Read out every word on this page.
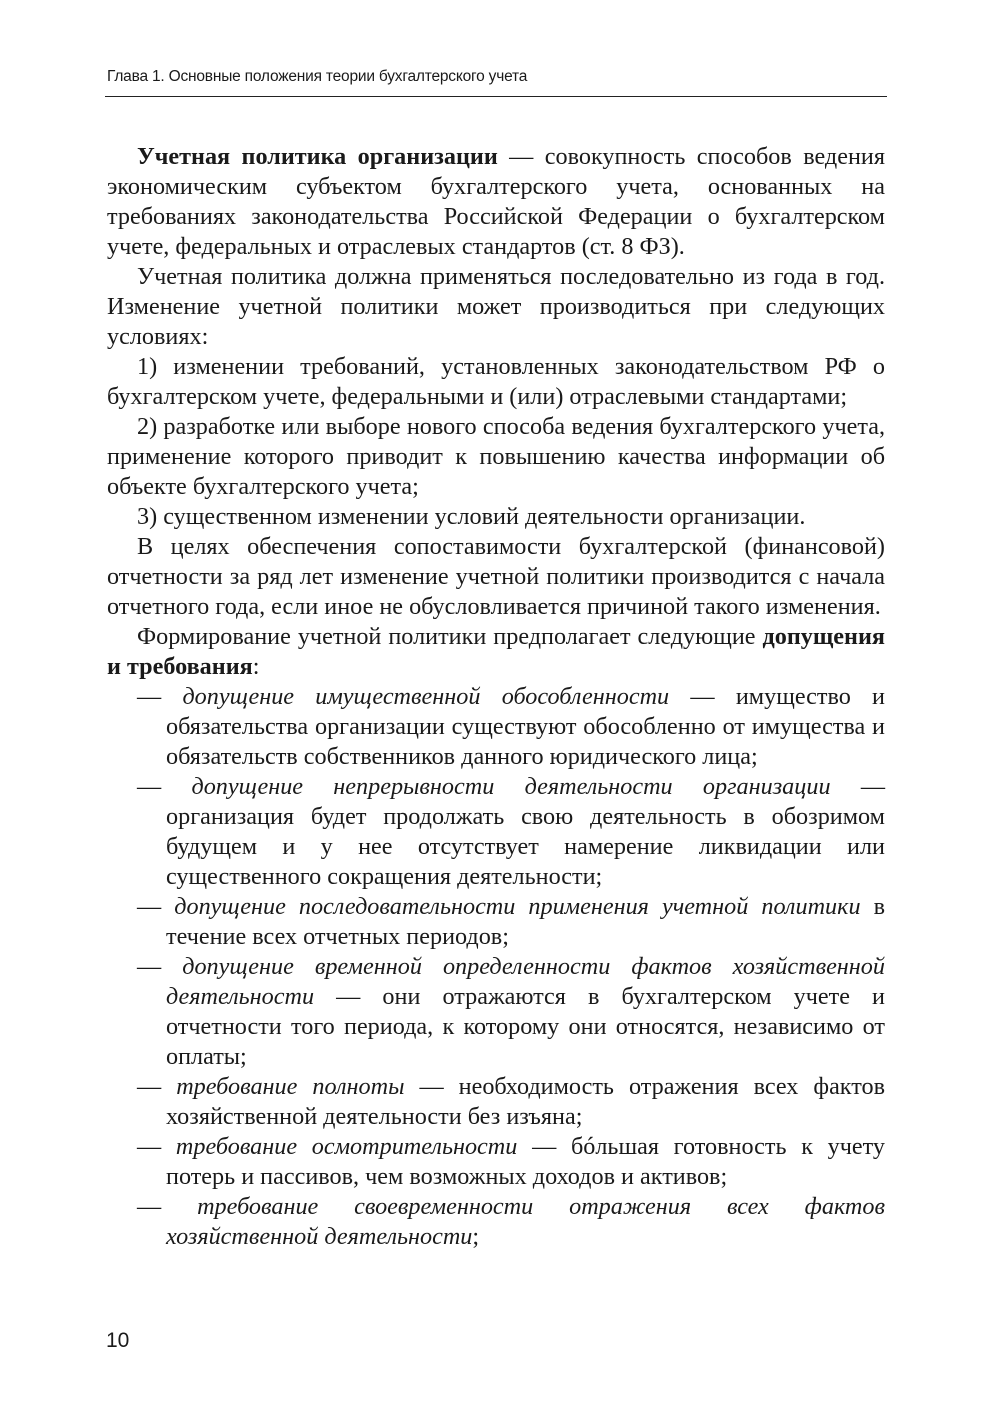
Глава 1. Основные положения теории бухгалтерского учета

Учетная политика организации — совокупность способов ведения экономическим субъектом бухгалтерского учета, основанных на требованиях законодательства Российской Федерации о бухгалтерском учете, федеральных и отраслевых стандартов (ст. 8 ФЗ).

Учетная политика должна применяться последовательно из года в год. Изменение учетной политики может производиться при следующих условиях:

1) изменении требований, установленных законодательством РФ о бухгалтерском учете, федеральными и (или) отраслевыми стандартами;

2) разработке или выборе нового способа ведения бухгалтерского учета, применение которого приводит к повышению качества информации об объекте бухгалтерского учета;

3) существенном изменении условий деятельности организации.

В целях обеспечения сопоставимости бухгалтерской (финансовой) отчетности за ряд лет изменение учетной политики производится с начала отчетного года, если иное не обусловливается причиной такого изменения.

Формирование учетной политики предполагает следующие допущения и требования:

— допущение имущественной обособленности — имущество и обязательства организации существуют обособленно от имущества и обязательств собственников данного юридического лица;

— допущение непрерывности деятельности организации — организация будет продолжать свою деятельность в обозримом будущем и у нее отсутствует намерение ликвидации или существенного сокращения деятельности;

— допущение последовательности применения учетной политики в течение всех отчетных периодов;

— допущение временной определенности фактов хозяйственной деятельности — они отражаются в бухгалтерском учете и отчетности того периода, к которому они относятся, независимо от оплаты;

— требование полноты — необходимость отражения всех фактов хозяйственной деятельности без изъяна;

— требование осмотрительности — бóльшая готовность к учету потерь и пассивов, чем возможных доходов и активов;

— требование своевременности отражения всех фактов хозяйственной деятельности;

10
